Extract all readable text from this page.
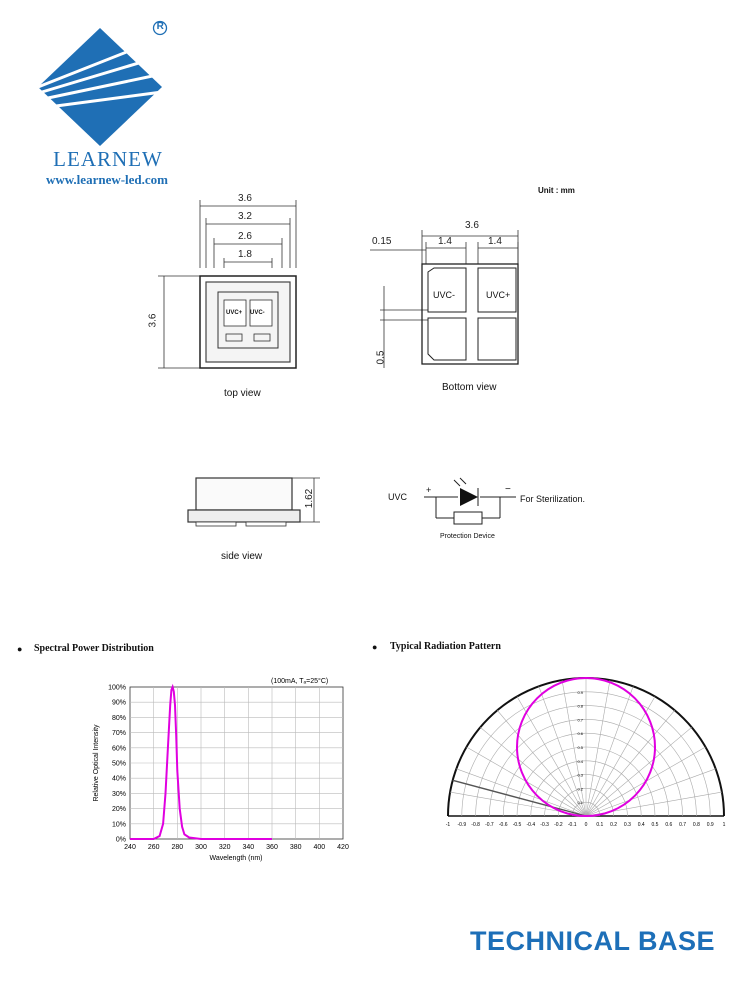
R
LEARNEW
www.learnew-led.com
Unit : mm
3.6
3.2
2.6
1.8
3.6
UVC+ UVC-
top view
3.6
0.15	1.4	1.4
0.5
UVC-	UVC+
Bottom view
1.62
side view
UVC
+	−
For Sterilization.
Protection Device
● Spectral Power Distribution	● Typical Radiation Pattern
240 260 280 300 320 340 360 380 400 420
0%
10%
20%
30%
40%
50%
60%
70%
80%
90%
100%
(100mA, Tₐ=25°C)
Wavelength (nm)
Relative Optical Intensity
-1 -0.9 -0.8 -0.7 -0.6 -0.5 -0.4 -0.3 -0.2 -0.1 0 0.1 0.2 0.3 0.4 0.5 0.6 0.7 0.8 0.9 1
0.1
0.2
0.3
0.4
0.5
0.6
0.7
0.8
0.9
TECHNICAL BASE
